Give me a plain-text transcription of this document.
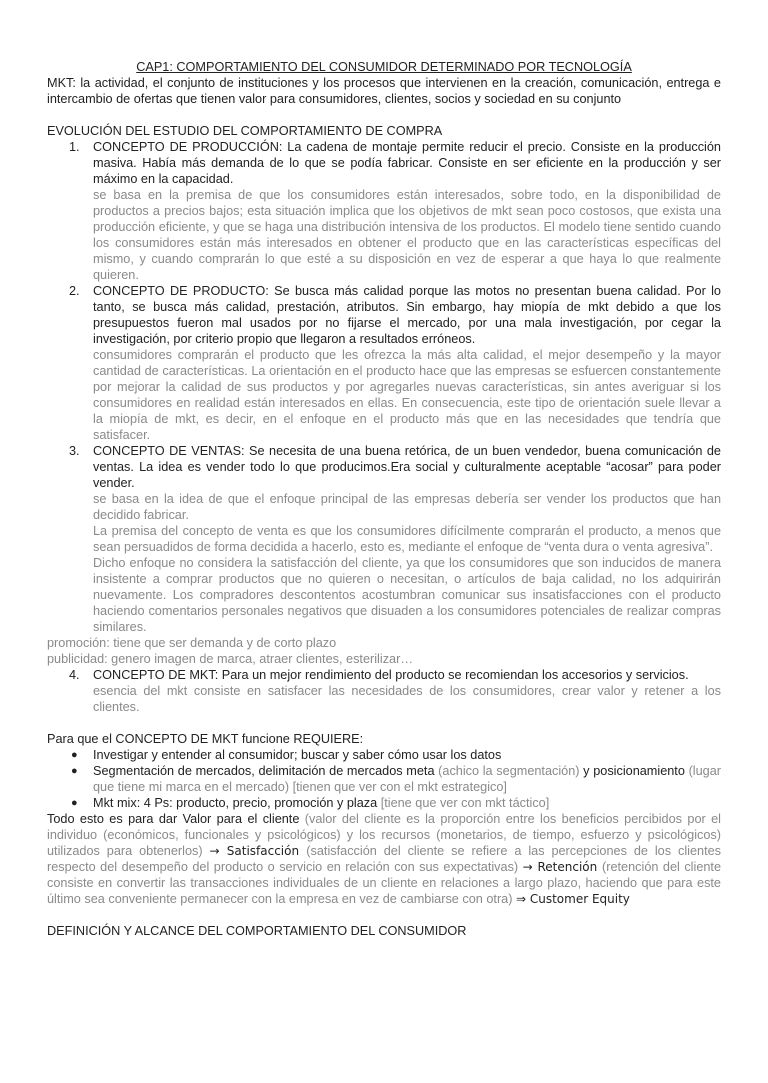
CAP1: COMPORTAMIENTO DEL CONSUMIDOR DETERMINADO POR TECNOLOGÍA
MKT: la actividad, el conjunto de instituciones y los procesos que intervienen en la creación, comunicación, entrega e intercambio de ofertas que tienen valor para consumidores, clientes, socios y sociedad en su conjunto
EVOLUCIÓN DEL ESTUDIO DEL COMPORTAMIENTO DE COMPRA
1. CONCEPTO DE PRODUCCIÓN: La cadena de montaje permite reducir el precio. Consiste en la producción masiva. Había más demanda de lo que se podía fabricar. Consiste en ser eficiente en la producción y ser máximo en la capacidad.
se basa en la premisa de que los consumidores están interesados, sobre todo, en la disponibilidad de productos a precios bajos; esta situación implica que los objetivos de mkt sean poco costosos, que exista una producción eficiente, y que se haga una distribución intensiva de los productos. El modelo tiene sentido cuando los consumidores están más interesados en obtener el producto que en las características específicas del mismo, y cuando comprarán lo que esté a su disposición en vez de esperar a que haya lo que realmente quieren.
2. CONCEPTO DE PRODUCTO: Se busca más calidad porque las motos no presentan buena calidad. Por lo tanto, se busca más calidad, prestación, atributos. Sin embargo, hay miopía de mkt debido a que los presupuestos fueron mal usados por no fijarse el mercado, por una mala investigación, por cegar la investigación, por criterio propio que llegaron a resultados erróneos.
consumidores comprarán el producto que les ofrezca la más alta calidad, el mejor desempeño y la mayor cantidad de características. La orientación en el producto hace que las empresas se esfuercen constantemente por mejorar la calidad de sus productos y por agregarles nuevas características, sin antes averiguar si los consumidores en realidad están interesados en ellas. En consecuencia, este tipo de orientación suele llevar a la miopía de mkt, es decir, en el enfoque en el producto más que en las necesidades que tendría que satisfacer.
3. CONCEPTO DE VENTAS: Se necesita de una buena retórica, de un buen vendedor, buena comunicación de ventas. La idea es vender todo lo que producimos.Era social y culturalmente aceptable “acosar” para poder vender.
se basa en la idea de que el enfoque principal de las empresas debería ser vender los productos que han decidido fabricar.
La premisa del concepto de venta es que los consumidores difícilmente comprarán el producto, a menos que sean persuadidos de forma decidida a hacerlo, esto es, mediante el enfoque de “venta dura o venta agresiva”.
Dicho enfoque no considera la satisfacción del cliente, ya que los consumidores que son inducidos de manera insistente a comprar productos que no quieren o necesitan, o artículos de baja calidad, no los adquirirán nuevamente. Los compradores descontentos acostumbran comunicar sus insatisfacciones con el producto haciendo comentarios personales negativos que disuaden a los consumidores potenciales de realizar compras similares.
promoción: tiene que ser demanda y de corto plazo
publicidad: genero imagen de marca, atraer clientes, esterilizar…
4. CONCEPTO DE MKT: Para un mejor rendimiento del producto se recomiendan los accesorios y servicios.
esencia del mkt consiste en satisfacer las necesidades de los consumidores, crear valor y retener a los clientes.
Para que el CONCEPTO DE MKT funcione REQUIERE:
● Investigar y entender al consumidor; buscar y saber cómo usar los datos
● Segmentación de mercados, delimitación de mercados meta (achico la segmentación) y posicionamiento (lugar que tiene mi marca en el mercado) [tienen que ver con el mkt estrategico]
● Mkt mix: 4 Ps: producto, precio, promoción y plaza [tiene que ver con mkt táctico]
Todo esto es para dar Valor para el cliente (valor del cliente es la proporción entre los beneficios percibidos por el individuo (económicos, funcionales y psicológicos) y los recursos (monetarios, de tiempo, esfuerzo y psicológicos) utilizados para obtenerlos) → Satisfacción (satisfacción del cliente se refiere a las percepciones de los clientes respecto del desempeño del producto o servicio en relación con sus expectativas) → Retención (retención del cliente consiste en convertir las transacciones individuales de un cliente en relaciones a largo plazo, haciendo que para este último sea conveniente permanecer con la empresa en vez de cambiarse con otra) ⇒ Customer Equity
DEFINICIÓN Y ALCANCE DEL COMPORTAMIENTO DEL CONSUMIDOR
